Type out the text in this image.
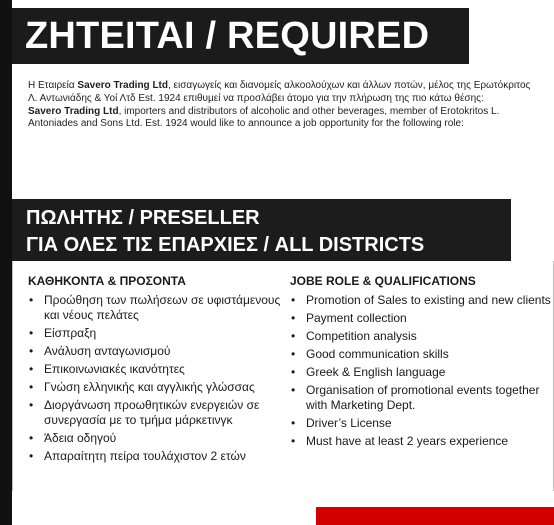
ΖΗΤΕΙΤΑΙ / REQUIRED

Η Εταιρεία Savero Trading Ltd, εισαγωγείς και διανομείς αλκοολούχων και άλλων ποτών, μέλος της Ερωτόκριτος Λ. Αντωνιάδης & Υοί Λτδ Est. 1924 επιθυμεί να προσλάβει άτομο για την πλήρωση της πιο κάτω θέσης:

Savero Trading Ltd, importers and distributors of alcoholic and other beverages, member of Erotokritos L. Antoniades and Sons Ltd. Est. 1924 would like to announce a job opportunity for the following role:

ΠΩΛΗΤΗΣ / PRESELLER
ΓΙΑ ΟΛΕΣ ΤΙΣ ΕΠΑΡΧΙΕΣ / ALL DISTRICTS
ΚΑΘΗΚΟΝΤΑ & ΠΡΟΣΟΝΤΑ
• Προώθηση των πωλήσεων σε υφιστάμενους και νέους πελάτες
• Είσπραξη
• Ανάλυση ανταγωνισμού
• Επικοινωνιακές ικανότητες
• Γνώση ελληνικής και αγγλικής γλώσσας
• Διοργάνωση προωθητικών ενεργειών σε συνεργασία με το τμήμα μάρκετινγκ
• Άδεια οδηγού
• Απαραίτητη πείρα τουλάχιστον 2 ετών
JOBE ROLE & QUALIFICATIONS
• Promotion of Sales to existing and new clients
• Payment collection
• Competition analysis
• Good communication skills
• Greek & English language
• Organisation of promotional events together with Marketing Dept.
• Driver’s License
• Must have at least 2 years experience
